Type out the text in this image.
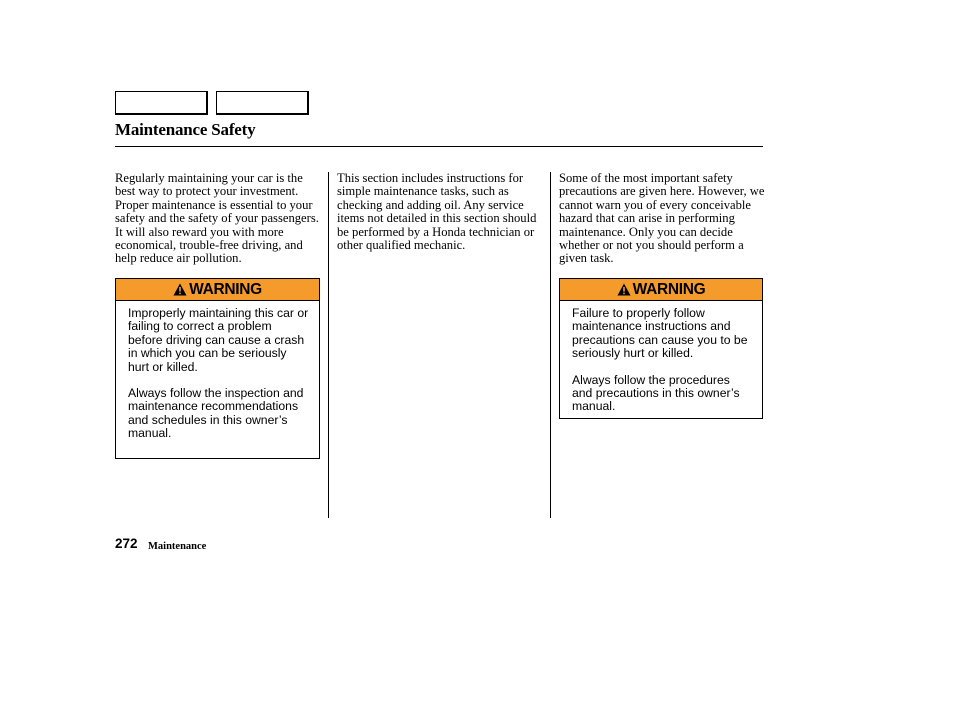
Maintenance Safety

Regularly maintaining your car is the best way to protect your investment. Proper maintenance is essential to your safety and the safety of your passengers. It will also reward you with more economical, trouble-free driving, and help reduce air pollution.

This section includes instructions for simple maintenance tasks, such as checking and adding oil. Any service items not detailed in this section should be performed by a Honda technician or other qualified mechanic.

Some of the most important safety precautions are given here. However, we cannot warn you of every conceivable hazard that can arise in performing maintenance. Only you can decide whether or not you should perform a given task.

WARNING

Improperly maintaining this car or failing to correct a problem before driving can cause a crash in which you can be seriously hurt or killed.

Always follow the inspection and maintenance recommendations and schedules in this owner’s manual.

WARNING

Failure to properly follow maintenance instructions and precautions can cause you to be seriously hurt or killed.

Always follow the procedures and precautions in this owner’s manual.

272 Maintenance
